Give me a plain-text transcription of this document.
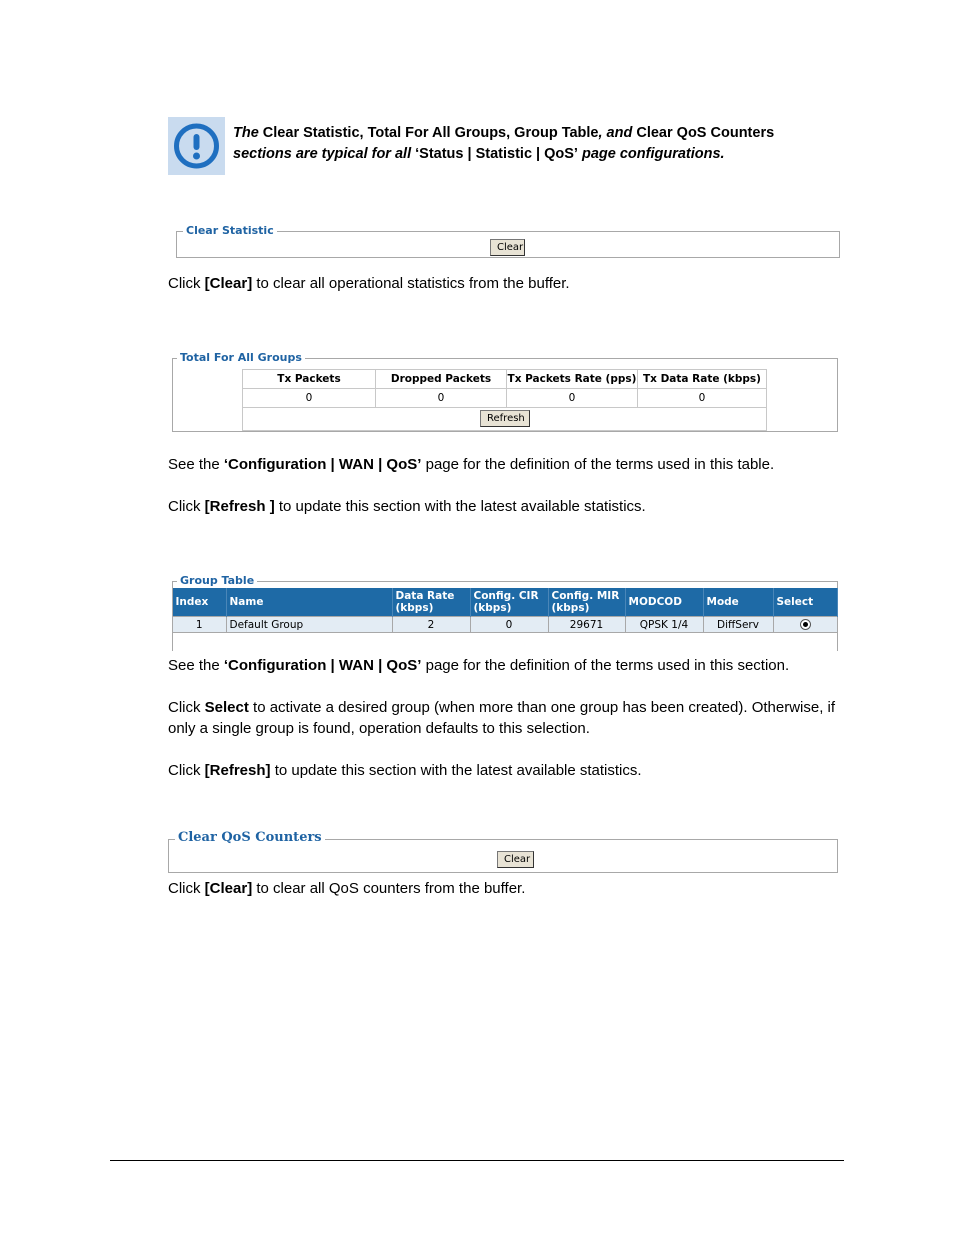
The Clear Statistic, Total For All Groups, Group Table, and Clear QoS Counters
sections are typical for all ‘Status | Statistic | QoS’ page configurations.
Clear Statistic
Clear
Click [Clear] to clear all operational statistics from the buffer.
Total For All Groups
Tx Packets	Dropped Packets	Tx Packets Rate (pps)	Tx Data Rate (kbps)
0	0	0	0

Refresh
See the ‘Configuration | WAN | QoS’ page for the definition of the terms used in this table.
Click [Refresh ] to update this section with the latest available statistics.
Group Table
Index	Name	Data Rate (kbps)	Config. CIR (kbps)	Config. MIR (kbps)	MODCOD	Mode	Select
1	Default Group	2	0	29671	QPSK 1/4	DiffServ	
See the ‘Configuration | WAN | QoS’ page for the definition of the terms used in this section.
Click Select to activate a desired group (when more than one group has been created). Otherwise, if only a single group is found, operation defaults to this selection.
Click [Refresh] to update this section with the latest available statistics.
Clear QoS Counters
Clear
Click [Clear] to clear all QoS counters from the buffer.
